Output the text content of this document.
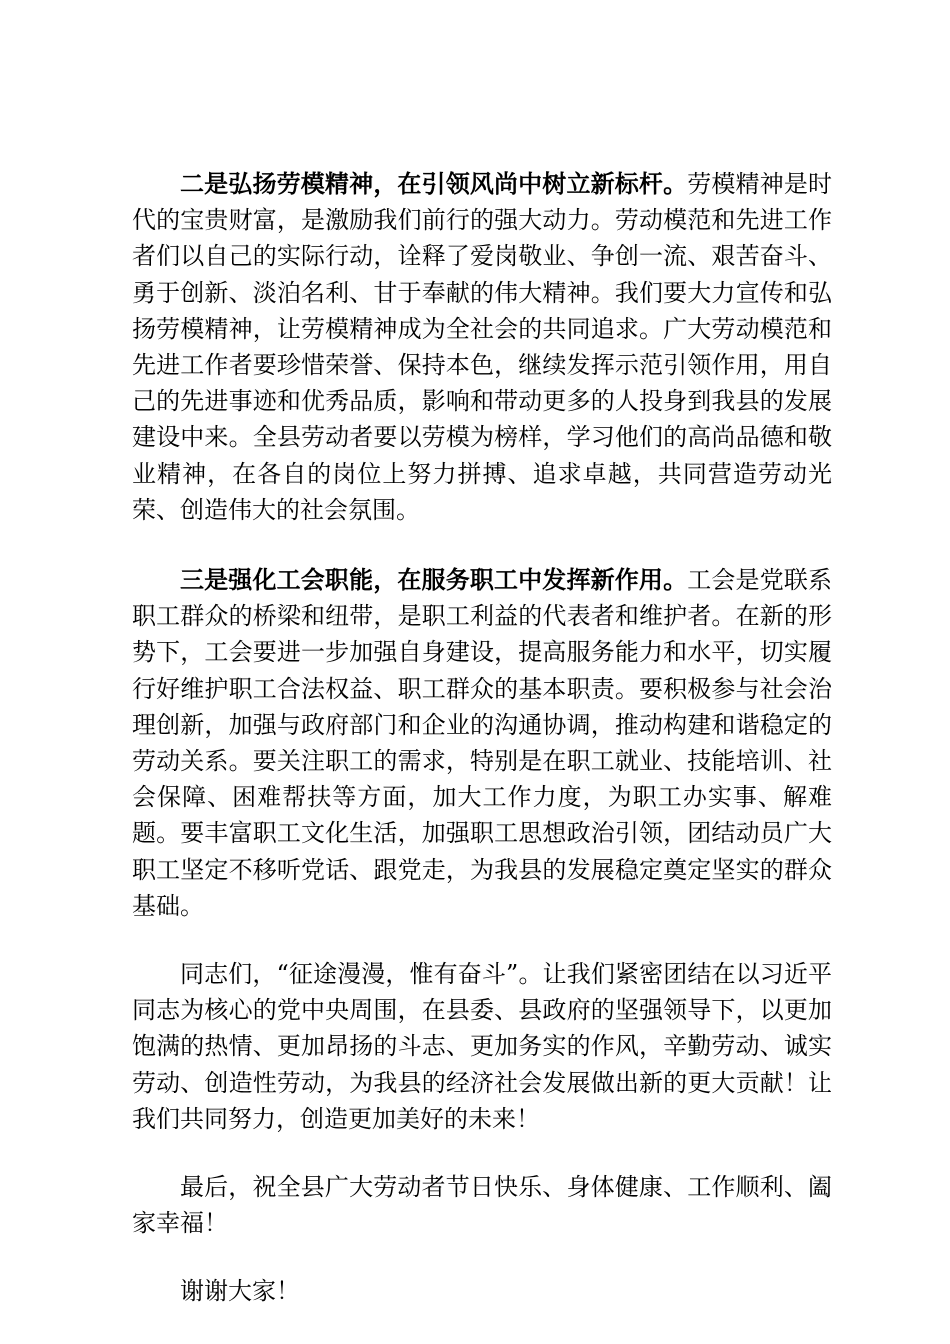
二是弘扬劳模精神，在引领风尚中树立新标杆。劳模精神是时代的宝贵财富，是激励我们前行的强大动力。劳动模范和先进工作者们以自己的实际行动，诠释了爱岗敬业、争创一流、艰苦奋斗、勇于创新、淡泊名利、甘于奉献的伟大精神。我们要大力宣传和弘扬劳模精神，让劳模精神成为全社会的共同追求。广大劳动模范和先进工作者要珍惜荣誉、保持本色，继续发挥示范引领作用，用自己的先进事迹和优秀品质，影响和带动更多的人投身到我县的发展建设中来。全县劳动者要以劳模为榜样，学习他们的高尚品德和敬业精神，在各自的岗位上努力拼搏、追求卓越，共同营造劳动光荣、创造伟大的社会氛围。

三是强化工会职能，在服务职工中发挥新作用。工会是党联系职工群众的桥梁和纽带，是职工利益的代表者和维护者。在新的形势下，工会要进一步加强自身建设，提高服务能力和水平，切实履行好维护职工合法权益、职工群众的基本职责。要积极参与社会治理创新，加强与政府部门和企业的沟通协调，推动构建和谐稳定的劳动关系。要关注职工的需求，特别是在职工就业、技能培训、社会保障、困难帮扶等方面，加大工作力度，为职工办实事、解难题。要丰富职工文化生活，加强职工思想政治引领，团结动员广大职工坚定不移听党话、跟党走，为我县的发展稳定奠定坚实的群众基础。

同志们，“征途漫漫，惟有奋斗”。让我们紧密团结在以习近平同志为核心的党中央周围，在县委、县政府的坚强领导下，以更加饱满的热情、更加昂扬的斗志、更加务实的作风，辛勤劳动、诚实劳动、创造性劳动，为我县的经济社会发展做出新的更大贡献！让我们共同努力，创造更加美好的未来！

最后，祝全县广大劳动者节日快乐、身体健康、工作顺利、阖家幸福！

谢谢大家！
